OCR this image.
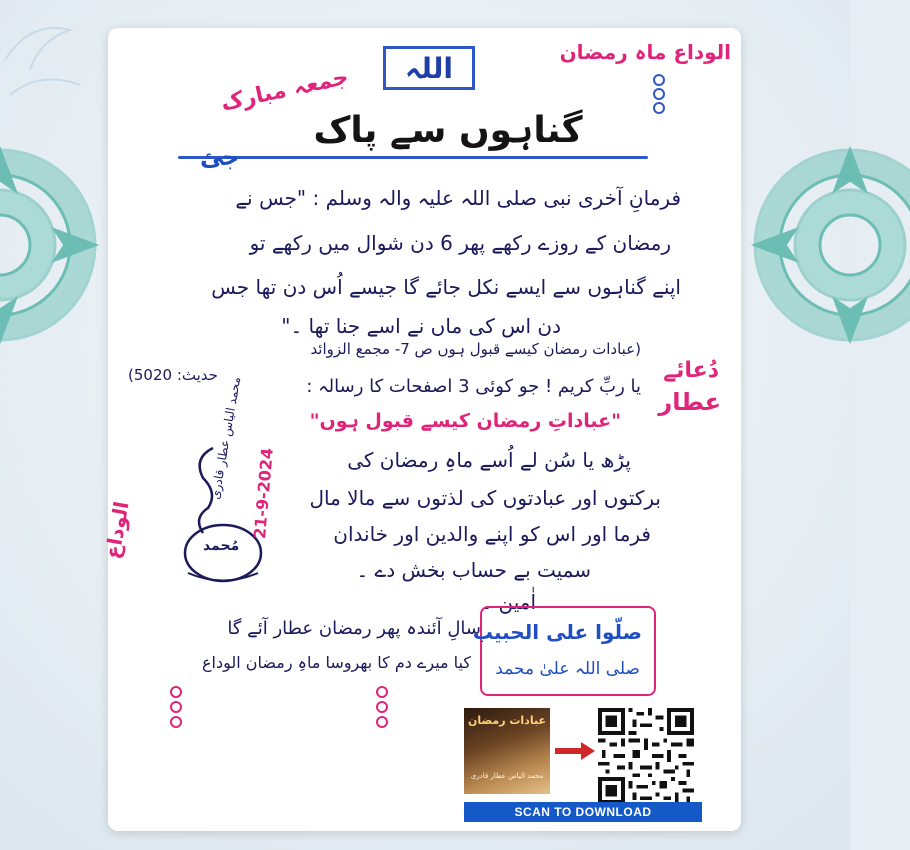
الوداع ماہ رمضان
جمعہ مبارک اللہ
گناہوں سے پاک
جئ
فرمانِ آخری نبی صلی اللہ علیہ والہ وسلم : "جس نے
رمضان کے روزے رکھے پھر 6 دن شوال میں رکھے تو
اپنے گناہوں سے ایسے نکل جائے گا جیسے اُس دن تھا جس
دن اس کی ماں نے اسے جنا تھا ۔"
(عبادات رمضان کیسے قبول ہوں ص 7- مجمع الزوائد
حدیث: 5020)	دُعائے
عطار
یا ربِّ کریم ! جو کوئی 3 اصفحات کا رسالہ :
"عباداتِ رمضان کیسے قبول ہوں"
پڑھ یا سُن لے اُسے ماہِ رمضان کی
برکتوں اور عبادتوں کی لذتوں سے مالا مال
فرما اور اس کو اپنے والدین اور خاندان
سمیت بے حساب بخش دے ۔
اٰمین ۔
الوداع	مُحمد
محمد الیاس عطار قادری 21-9-2024
سالِ آئندہ پھر رمضان عطار آئے گا
کیا میرے دم کا بھروسا ماہِ رمضان الوداع
صلّوا علی الحبیب
صلی اللہ علیٰ محمد
عبادات رمضان
محمد الیاس عطار قادری
SCAN TO DOWNLOAD
